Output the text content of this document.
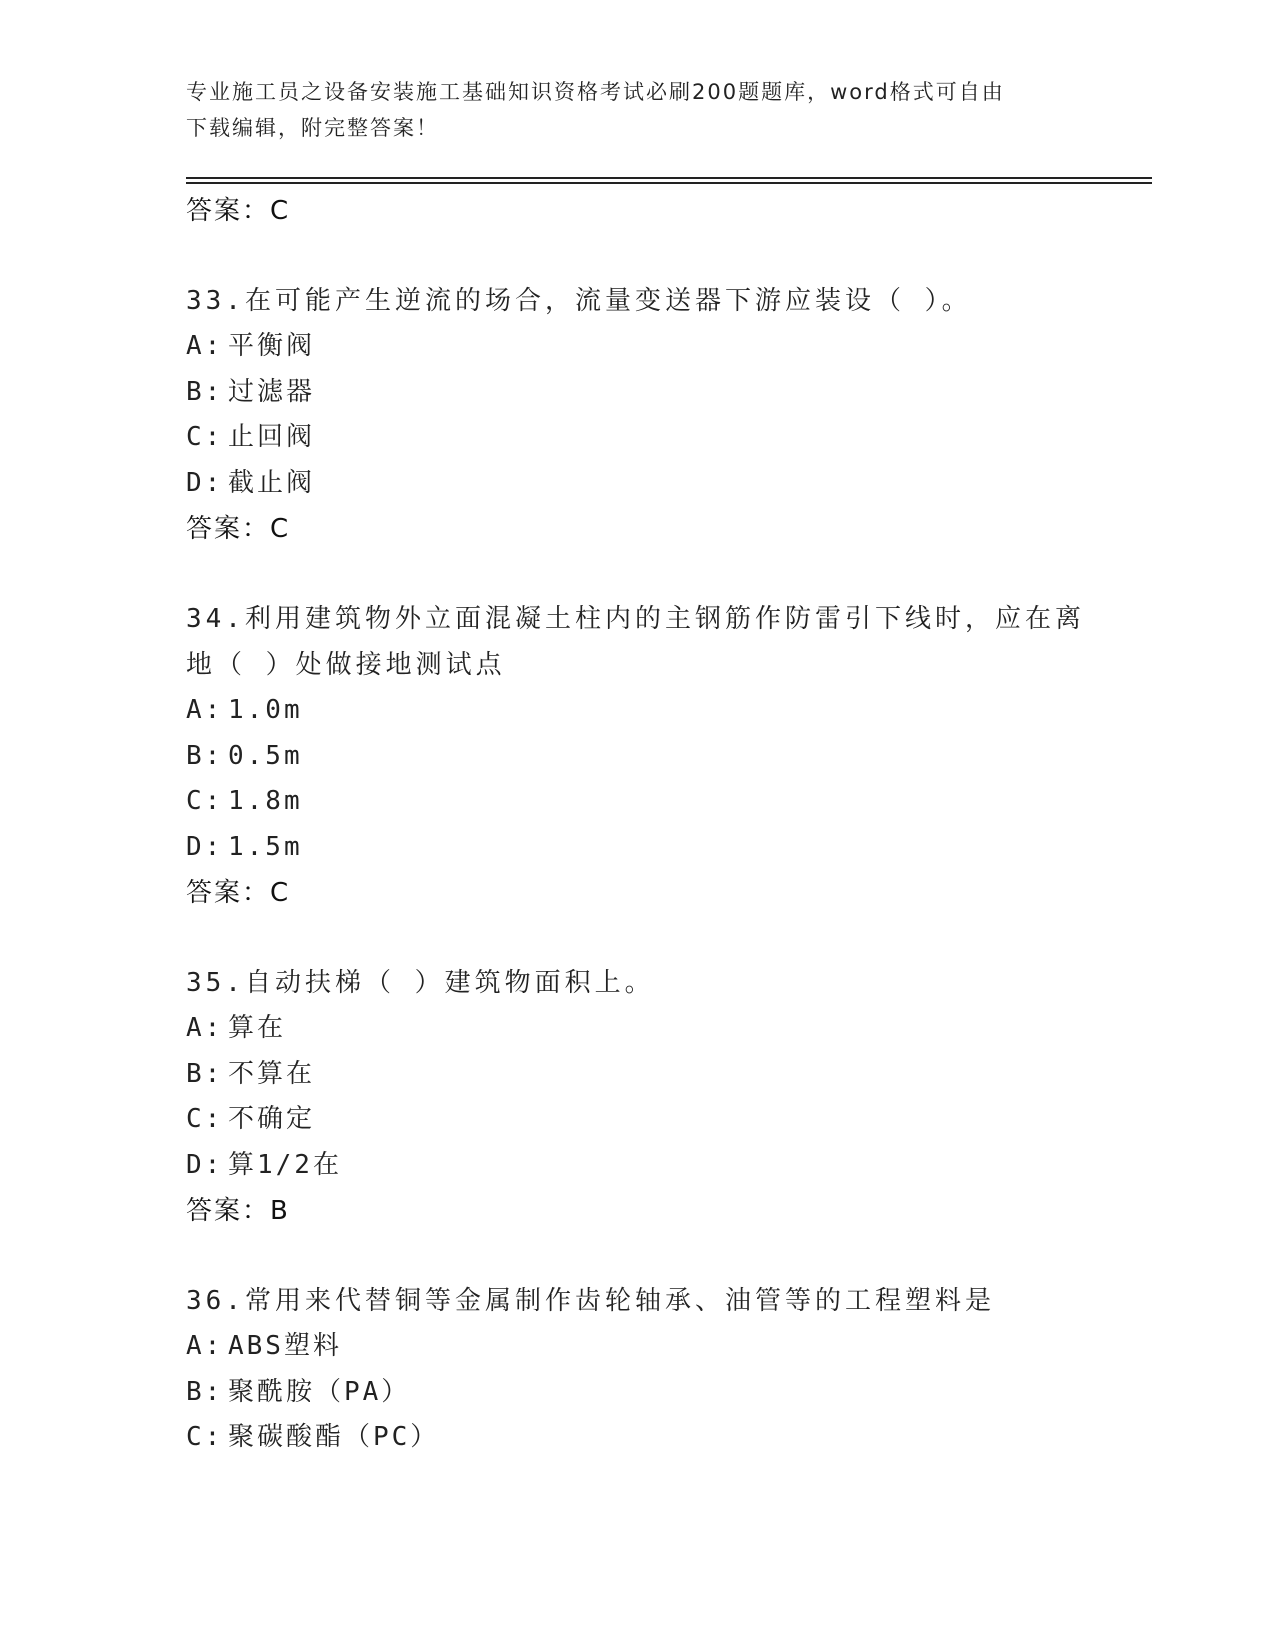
专业施工员之设备安装施工基础知识资格考试必刷200题题库，word格式可自由
下载编辑，附完整答案！
答案：C
33.在可能产生逆流的场合，流量变送器下游应装设（ ）。
A: 平衡阀
B: 过滤器
C: 止回阀
D: 截止阀
答案：C
34.利用建筑物外立面混凝土柱内的主钢筋作防雷引下线时，应在离地（ ）处做接地测试点
A: 1.0m
B: 0.5m
C: 1.8m
D: 1.5m
答案：C
35.自动扶梯（ ）建筑物面积上。
A: 算在
B: 不算在
C: 不确定
D: 算1/2在
答案：B
36.常用来代替铜等金属制作齿轮轴承、油管等的工程塑料是
A: ABS塑料
B: 聚酰胺（PA）
C: 聚碳酸酯（PC）
